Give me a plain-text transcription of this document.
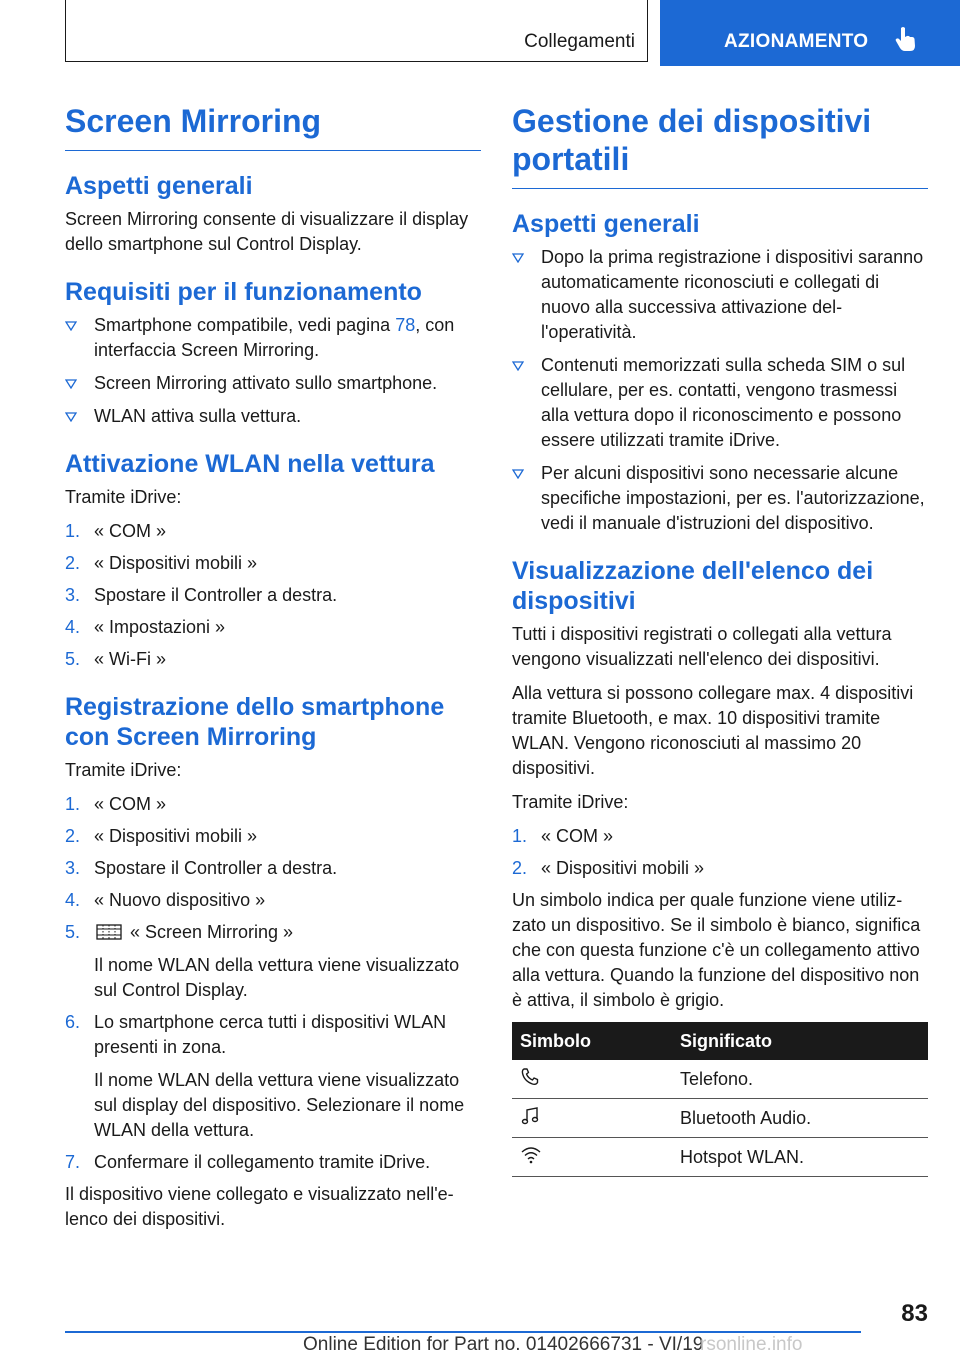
Collegamenti	AZIONAMENTO
Screen Mirroring
Aspetti generali

Screen Mirroring consente di visualizzare il display dello smartphone sul Control Display.

Requisiti per il funzionamento
Smartphone compatibile, vedi pagina 78, con interfaccia Screen Mirroring.
Screen Mirroring attivato sullo smartphone.
WLAN attiva sulla vettura.
Attivazione WLAN nella vettura

Tramite iDrive:

1. « COM »
2. « Dispositivi mobili »
3. Spostare il Controller a destra.
4. « Impostazioni »
5. « Wi-Fi »
Registrazione dello smartphone con Screen Mirroring

Tramite iDrive:

1. « COM »
2. « Dispositivi mobili »
3. Spostare il Controller a destra.
4. « Nuovo dispositivo »
5.	« Screen Mirroring »
Il nome WLAN della vettura viene visualizzato sul Control Display.
6. Lo smartphone cerca tutti i dispositivi WLAN presenti in zona.
Il nome WLAN della vettura viene visualizzato sul display del dispositivo. Selezionare il nome WLAN della vettura.
7. Confermare il collegamento tramite iDrive.

Il dispositivo viene collegato e visualizzato nell'elenco dei dispositivi.

Gestione dei dispositivi portatili
Aspetti generali
Dopo la prima registrazione i dispositivi saranno automaticamente riconosciuti e collegati di nuovo alla successiva attivazione dell'operatività.
Contenuti memorizzati sulla scheda SIM o sul cellulare, per es. contatti, vengono trasmessi alla vettura dopo il riconoscimento e possono essere utilizzati tramite iDrive.
Per alcuni dispositivi sono necessarie alcune specifiche impostazioni, per es. l'autorizzazione, vedi il manuale d'istruzioni del dispositivo.
Visualizzazione dell'elenco dei dispositivi

Tutti i dispositivi registrati o collegati alla vettura vengono visualizzati nell'elenco dei dispositivi.

Alla vettura si possono collegare max. 4 dispositivi tramite Bluetooth, e max. 10 dispositivi tramite WLAN. Vengono riconosciuti al massimo 20 dispositivi.

Tramite iDrive:

1. « COM »
2. « Dispositivi mobili »

Un simbolo indica per quale funzione viene utilizzato un dispositivo. Se il simbolo è bianco, significa che con questa funzione c'è un collegamento attivo alla vettura. Quando la funzione del dispositivo non è attiva, il simbolo è grigio.

Simbolo	Significato
	Telefono.
	Bluetooth Audio.
	Hotspot WLAN.
83
Online Edition for Part no. 01402666731 - VI/19
rsonline.info
